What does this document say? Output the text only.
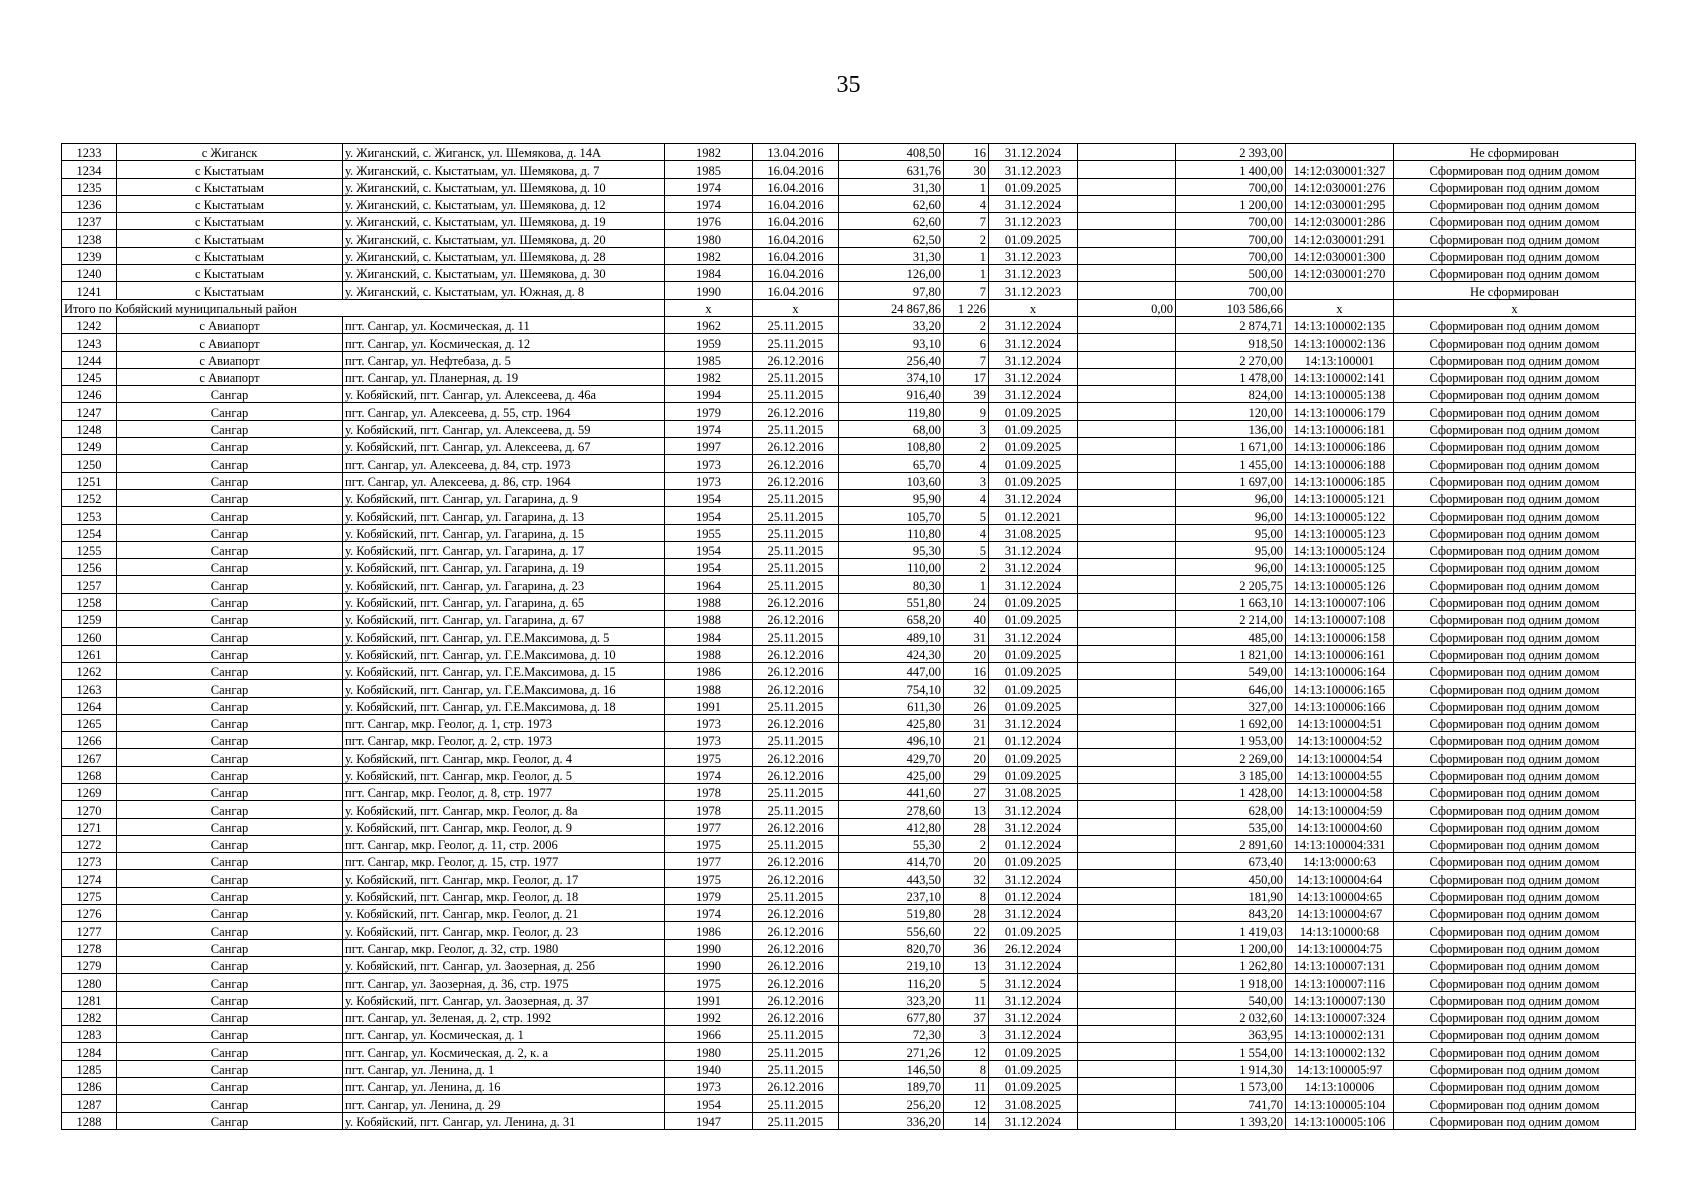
35
1233	с Жиганск	у. Жиганский, с. Жиганск, ул. Шемякова, д. 14А	1982	13.04.2016	408,50	16	31.12.2024		2 393,00		Не сформирован
1234	с Кыстатыам	у. Жиганский, с. Кыстатыам, ул. Шемякова, д. 7	1985	16.04.2016	631,76	30	31.12.2023		1 400,00	14:12:030001:327	Сформирован под одним домом
1235	с Кыстатыам	у. Жиганский, с. Кыстатыам, ул. Шемякова, д. 10	1974	16.04.2016	31,30	1	01.09.2025		700,00	14:12:030001:276	Сформирован под одним домом
1236	с Кыстатыам	у. Жиганский, с. Кыстатыам, ул. Шемякова, д. 12	1974	16.04.2016	62,60	4	31.12.2024		1 200,00	14:12:030001:295	Сформирован под одним домом
1237	с Кыстатыам	у. Жиганский, с. Кыстатыам, ул. Шемякова, д. 19	1976	16.04.2016	62,60	7	31.12.2023		700,00	14:12:030001:286	Сформирован под одним домом
1238	с Кыстатыам	у. Жиганский, с. Кыстатыам, ул. Шемякова, д. 20	1980	16.04.2016	62,50	2	01.09.2025		700,00	14:12:030001:291	Сформирован под одним домом
1239	с Кыстатыам	у. Жиганский, с. Кыстатыам, ул. Шемякова, д. 28	1982	16.04.2016	31,30	1	31.12.2023		700,00	14:12:030001:300	Сформирован под одним домом
1240	с Кыстатыам	у. Жиганский, с. Кыстатыам, ул. Шемякова, д. 30	1984	16.04.2016	126,00	1	31.12.2023		500,00	14:12:030001:270	Сформирован под одним домом
1241	с Кыстатыам	у. Жиганский, с. Кыстатыам, ул. Южная, д. 8	1990	16.04.2016	97,80	7	31.12.2023		700,00		Не сформирован
Итого по Кобяйский муниципальный район			x	x	24 867,86	1 226	x	0,00	103 586,66	x	x
1242	с Авиапорт	пгт. Сангар, ул. Космическая, д. 11	1962	25.11.2015	33,20	2	31.12.2024		2 874,71	14:13:100002:135	Сформирован под одним домом
1243	с Авиапорт	пгт. Сангар, ул. Космическая, д. 12	1959	25.11.2015	93,10	6	31.12.2024		918,50	14:13:100002:136	Сформирован под одним домом
1244	с Авиапорт	пгт. Сангар, ул. Нефтебаза, д. 5	1985	26.12.2016	256,40	7	31.12.2024		2 270,00	14:13:100001	Сформирован под одним домом
1245	с Авиапорт	пгт. Сангар, ул. Планерная, д. 19	1982	25.11.2015	374,10	17	31.12.2024		1 478,00	14:13:100002:141	Сформирован под одним домом
1246	Сангар	у. Кобяйский, пгт. Сангар, ул. Алексеева, д. 46а	1994	25.11.2015	916,40	39	31.12.2024		824,00	14:13:100005:138	Сформирован под одним домом
1247	Сангар	пгт. Сангар, ул. Алексеева, д. 55, стр. 1964	1979	26.12.2016	119,80	9	01.09.2025		120,00	14:13:100006:179	Сформирован под одним домом
1248	Сангар	у. Кобяйский, пгт. Сангар, ул. Алексеева, д. 59	1974	25.11.2015	68,00	3	01.09.2025		136,00	14:13:100006:181	Сформирован под одним домом
1249	Сангар	у. Кобяйский, пгт. Сангар, ул. Алексеева, д. 67	1997	26.12.2016	108,80	2	01.09.2025		1 671,00	14:13:100006:186	Сформирован под одним домом
1250	Сангар	пгт. Сангар, ул. Алексеева, д. 84, стр. 1973	1973	26.12.2016	65,70	4	01.09.2025		1 455,00	14:13:100006:188	Сформирован под одним домом
1251	Сангар	пгт. Сангар, ул. Алексеева, д. 86, стр. 1964	1973	26.12.2016	103,60	3	01.09.2025		1 697,00	14:13:100006:185	Сформирован под одним домом
1252	Сангар	у. Кобяйский, пгт. Сангар, ул. Гагарина, д. 9	1954	25.11.2015	95,90	4	31.12.2024		96,00	14:13:100005:121	Сформирован под одним домом
1253	Сангар	у. Кобяйский, пгт. Сангар, ул. Гагарина, д. 13	1954	25.11.2015	105,70	5	01.12.2021		96,00	14:13:100005:122	Сформирован под одним домом
1254	Сангар	у. Кобяйский, пгт. Сангар, ул. Гагарина, д. 15	1955	25.11.2015	110,80	4	31.08.2025		95,00	14:13:100005:123	Сформирован под одним домом
1255	Сангар	у. Кобяйский, пгт. Сангар, ул. Гагарина, д. 17	1954	25.11.2015	95,30	5	31.12.2024		95,00	14:13:100005:124	Сформирован под одним домом
1256	Сангар	у. Кобяйский, пгт. Сангар, ул. Гагарина, д. 19	1954	25.11.2015	110,00	2	31.12.2024		96,00	14:13:100005:125	Сформирован под одним домом
1257	Сангар	у. Кобяйский, пгт. Сангар, ул. Гагарина, д. 23	1964	25.11.2015	80,30	1	31.12.2024		2 205,75	14:13:100005:126	Сформирован под одним домом
1258	Сангар	у. Кобяйский, пгт. Сангар, ул. Гагарина, д. 65	1988	26.12.2016	551,80	24	01.09.2025		1 663,10	14:13:100007:106	Сформирован под одним домом
1259	Сангар	у. Кобяйский, пгт. Сангар, ул. Гагарина, д. 67	1988	26.12.2016	658,20	40	01.09.2025		2 214,00	14:13:100007:108	Сформирован под одним домом
1260	Сангар	у. Кобяйский, пгт. Сангар, ул. Г.Е.Максимова, д. 5	1984	25.11.2015	489,10	31	31.12.2024		485,00	14:13:100006:158	Сформирован под одним домом
1261	Сангар	у. Кобяйский, пгт. Сангар, ул. Г.Е.Максимова, д. 10	1988	26.12.2016	424,30	20	01.09.2025		1 821,00	14:13:100006:161	Сформирован под одним домом
1262	Сангар	у. Кобяйский, пгт. Сангар, ул. Г.Е.Максимова, д. 15	1986	26.12.2016	447,00	16	01.09.2025		549,00	14:13:100006:164	Сформирован под одним домом
1263	Сангар	у. Кобяйский, пгт. Сангар, ул. Г.Е.Максимова, д. 16	1988	26.12.2016	754,10	32	01.09.2025		646,00	14:13:100006:165	Сформирован под одним домом
1264	Сангар	у. Кобяйский, пгт. Сангар, ул. Г.Е.Максимова, д. 18	1991	25.11.2015	611,30	26	01.09.2025		327,00	14:13:100006:166	Сформирован под одним домом
1265	Сангар	пгт. Сангар, мкр. Геолог, д. 1, стр. 1973	1973	26.12.2016	425,80	31	31.12.2024		1 692,00	14:13:100004:51	Сформирован под одним домом
1266	Сангар	пгт. Сангар, мкр. Геолог, д. 2, стр. 1973	1973	25.11.2015	496,10	21	01.12.2024		1 953,00	14:13:100004:52	Сформирован под одним домом
1267	Сангар	у. Кобяйский, пгт. Сангар, мкр. Геолог, д. 4	1975	26.12.2016	429,70	20	01.09.2025		2 269,00	14:13:100004:54	Сформирован под одним домом
1268	Сангар	у. Кобяйский, пгт. Сангар, мкр. Геолог, д. 5	1974	26.12.2016	425,00	29	01.09.2025		3 185,00	14:13:100004:55	Сформирован под одним домом
1269	Сангар	пгт. Сангар, мкр. Геолог, д. 8, стр. 1977	1978	25.11.2015	441,60	27	31.08.2025		1 428,00	14:13:100004:58	Сформирован под одним домом
1270	Сангар	у. Кобяйский, пгт. Сангар, мкр. Геолог, д. 8а	1978	25.11.2015	278,60	13	31.12.2024		628,00	14:13:100004:59	Сформирован под одним домом
1271	Сангар	у. Кобяйский, пгт. Сангар, мкр. Геолог, д. 9	1977	26.12.2016	412,80	28	31.12.2024		535,00	14:13:100004:60	Сформирован под одним домом
1272	Сангар	пгт. Сангар, мкр. Геолог, д. 11, стр. 2006	1975	25.11.2015	55,30	2	01.12.2024		2 891,60	14:13:100004:331	Сформирован под одним домом
1273	Сангар	пгт. Сангар, мкр. Геолог, д. 15, стр. 1977	1977	26.12.2016	414,70	20	01.09.2025		673,40	14:13:0000:63	Сформирован под одним домом
1274	Сангар	у. Кобяйский, пгт. Сангар, мкр. Геолог, д. 17	1975	26.12.2016	443,50	32	31.12.2024		450,00	14:13:100004:64	Сформирован под одним домом
1275	Сангар	у. Кобяйский, пгт. Сангар, мкр. Геолог, д. 18	1979	25.11.2015	237,10	8	01.12.2024		181,90	14:13:100004:65	Сформирован под одним домом
1276	Сангар	у. Кобяйский, пгт. Сангар, мкр. Геолог, д. 21	1974	26.12.2016	519,80	28	31.12.2024		843,20	14:13:100004:67	Сформирован под одним домом
1277	Сангар	у. Кобяйский, пгт. Сангар, мкр. Геолог, д. 23	1986	26.12.2016	556,60	22	01.09.2025		1 419,03	14:13:10000:68	Сформирован под одним домом
1278	Сангар	пгт. Сангар, мкр. Геолог, д. 32, стр. 1980	1990	26.12.2016	820,70	36	26.12.2024		1 200,00	14:13:100004:75	Сформирован под одним домом
1279	Сангар	у. Кобяйский, пгт. Сангар, ул. Заозерная, д. 25б	1990	26.12.2016	219,10	13	31.12.2024		1 262,80	14:13:100007:131	Сформирован под одним домом
1280	Сангар	пгт. Сангар, ул. Заозерная, д. 36, стр. 1975	1975	26.12.2016	116,20	5	31.12.2024		1 918,00	14:13:100007:116	Сформирован под одним домом
1281	Сангар	у. Кобяйский, пгт. Сангар, ул. Заозерная, д. 37	1991	26.12.2016	323,20	11	31.12.2024		540,00	14:13:100007:130	Сформирован под одним домом
1282	Сангар	пгт. Сангар, ул. Зеленая, д. 2, стр. 1992	1992	26.12.2016	677,80	37	31.12.2024		2 032,60	14:13:100007:324	Сформирован под одним домом
1283	Сангар	пгт. Сангар, ул. Космическая, д. 1	1966	25.11.2015	72,30	3	31.12.2024		363,95	14:13:100002:131	Сформирован под одним домом
1284	Сангар	пгт. Сангар, ул. Космическая, д. 2, к. а	1980	25.11.2015	271,26	12	01.09.2025		1 554,00	14:13:100002:132	Сформирован под одним домом
1285	Сангар	пгт. Сангар, ул. Ленина, д. 1	1940	25.11.2015	146,50	8	01.09.2025		1 914,30	14:13:100005:97	Сформирован под одним домом
1286	Сангар	пгт. Сангар, ул. Ленина, д. 16	1973	26.12.2016	189,70	11	01.09.2025		1 573,00	14:13:100006	Сформирован под одним домом
1287	Сангар	пгт. Сангар, ул. Ленина, д. 29	1954	25.11.2015	256,20	12	31.08.2025		741,70	14:13:100005:104	Сформирован под одним домом
1288	Сангар	у. Кобяйский, пгт. Сангар, ул. Ленина, д. 31	1947	25.11.2015	336,20	14	31.12.2024		1 393,20	14:13:100005:106	Сформирован под одним домом
